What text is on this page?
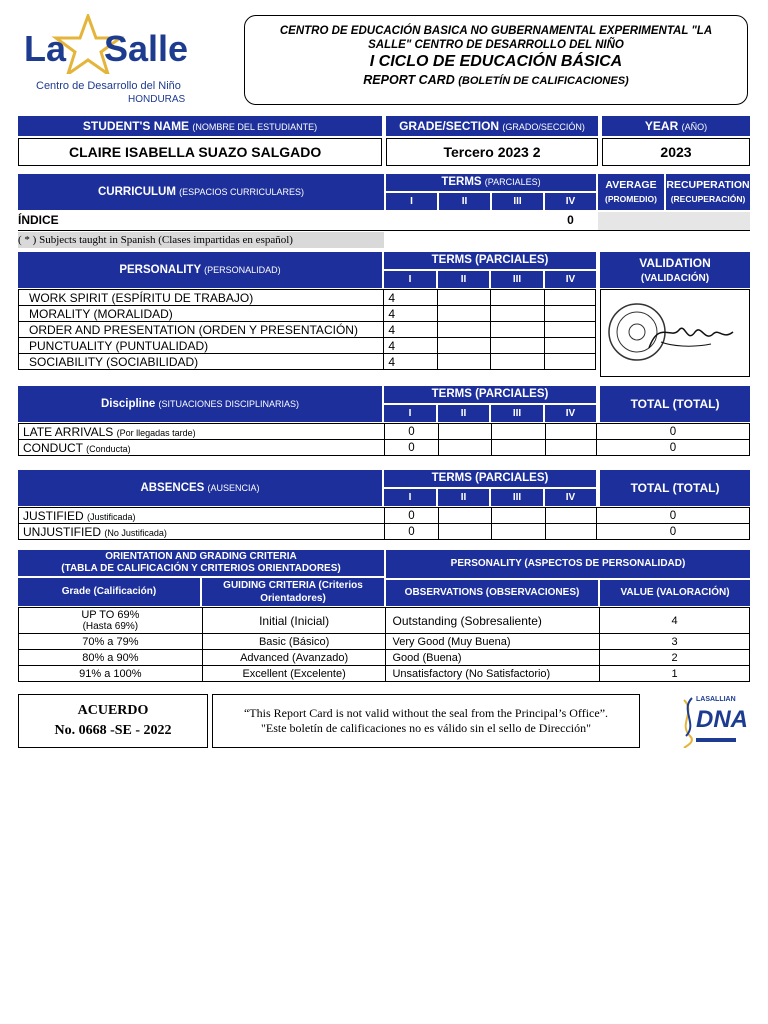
La Salle
Centro de Desarrollo del Niño
HONDURAS
CENTRO DE EDUCACIÓN BASICA NO GUBERNAMENTAL EXPERIMENTAL "LA SALLE" CENTRO DE DESARROLLO DEL NIÑO
I CICLO DE EDUCACIÓN BÁSICA
REPORT CARD (BOLETÍN DE CALIFICACIONES)
STUDENT'S NAME (NOMBRE DEL ESTUDIANTE)	GRADE/SECTION (GRADO/SECCIÓN)	YEAR (AÑO)
CLAIRE ISABELLA SUAZO SALGADO	Tercero 2023 2	2023
CURRICULUM (ESPACIOS CURRICULARES)
TERMS (PARCIALES)
I	II	III	IV
AVERAGE
(PROMEDIO)
RECUPERATION
(RECUPERACIÓN)
ÍNDICE	0
( * ) Subjects taught in Spanish (Clases impartidas en español)
PERSONALITY (PERSONALIDAD)
TERMS (PARCIALES)
I	II	III	IV
VALIDATION
(VALIDACIÓN)
WORK SPIRIT (ESPÍRITU DE TRABAJO)	4			
MORALITY (MORALIDAD)	4			
ORDER AND PRESENTATION (ORDEN Y PRESENTACIÓN)	4			
PUNCTUALITY (PUNTUALIDAD)	4			
SOCIABILITY (SOCIABILIDAD)	4			
Discipline (SITUACIONES DISCIPLINARIAS)
TERMS (PARCIALES)
I	II	III	IV
TOTAL (TOTAL)
LATE ARRIVALS (Por llegadas tarde)	0				0
CONDUCT (Conducta)	0				0
ABSENCES (AUSENCIA)
TERMS (PARCIALES)
I	II	III	IV
TOTAL (TOTAL)
JUSTIFIED (Justificada)	0				0
UNJUSTIFIED (No Justificada)	0				0
ORIENTATION AND GRADING CRITERIA
(TABLA DE CALIFICACIÓN Y CRITERIOS ORIENTADORES)
Grade (Calificación)
GUIDING CRITERIA (Criterios Orientadores)
PERSONALITY (ASPECTOS DE PERSONALIDAD)
OBSERVATIONS (OBSERVACIONES)	VALUE (VALORACIÓN)
UP TO 69%
(Hasta 69%)	Initial (Inicial)	Outstanding (Sobresaliente)	4

70% a 79%	Basic (Básico)	Very Good (Muy Buena)	3

80% a 90%	Advanced (Avanzado)	Good (Buena)	2

91% a 100%	Excellent (Excelente)	Unsatisfactory (No Satisfactorio)	1
ACUERDO
No. 0668 -SE - 2022
“This Report Card is not valid without the seal from the Principal’s Office”.
"Este boletín de calificaciones no es válido sin el sello de Dirección"
LASALLIAN
DNA
